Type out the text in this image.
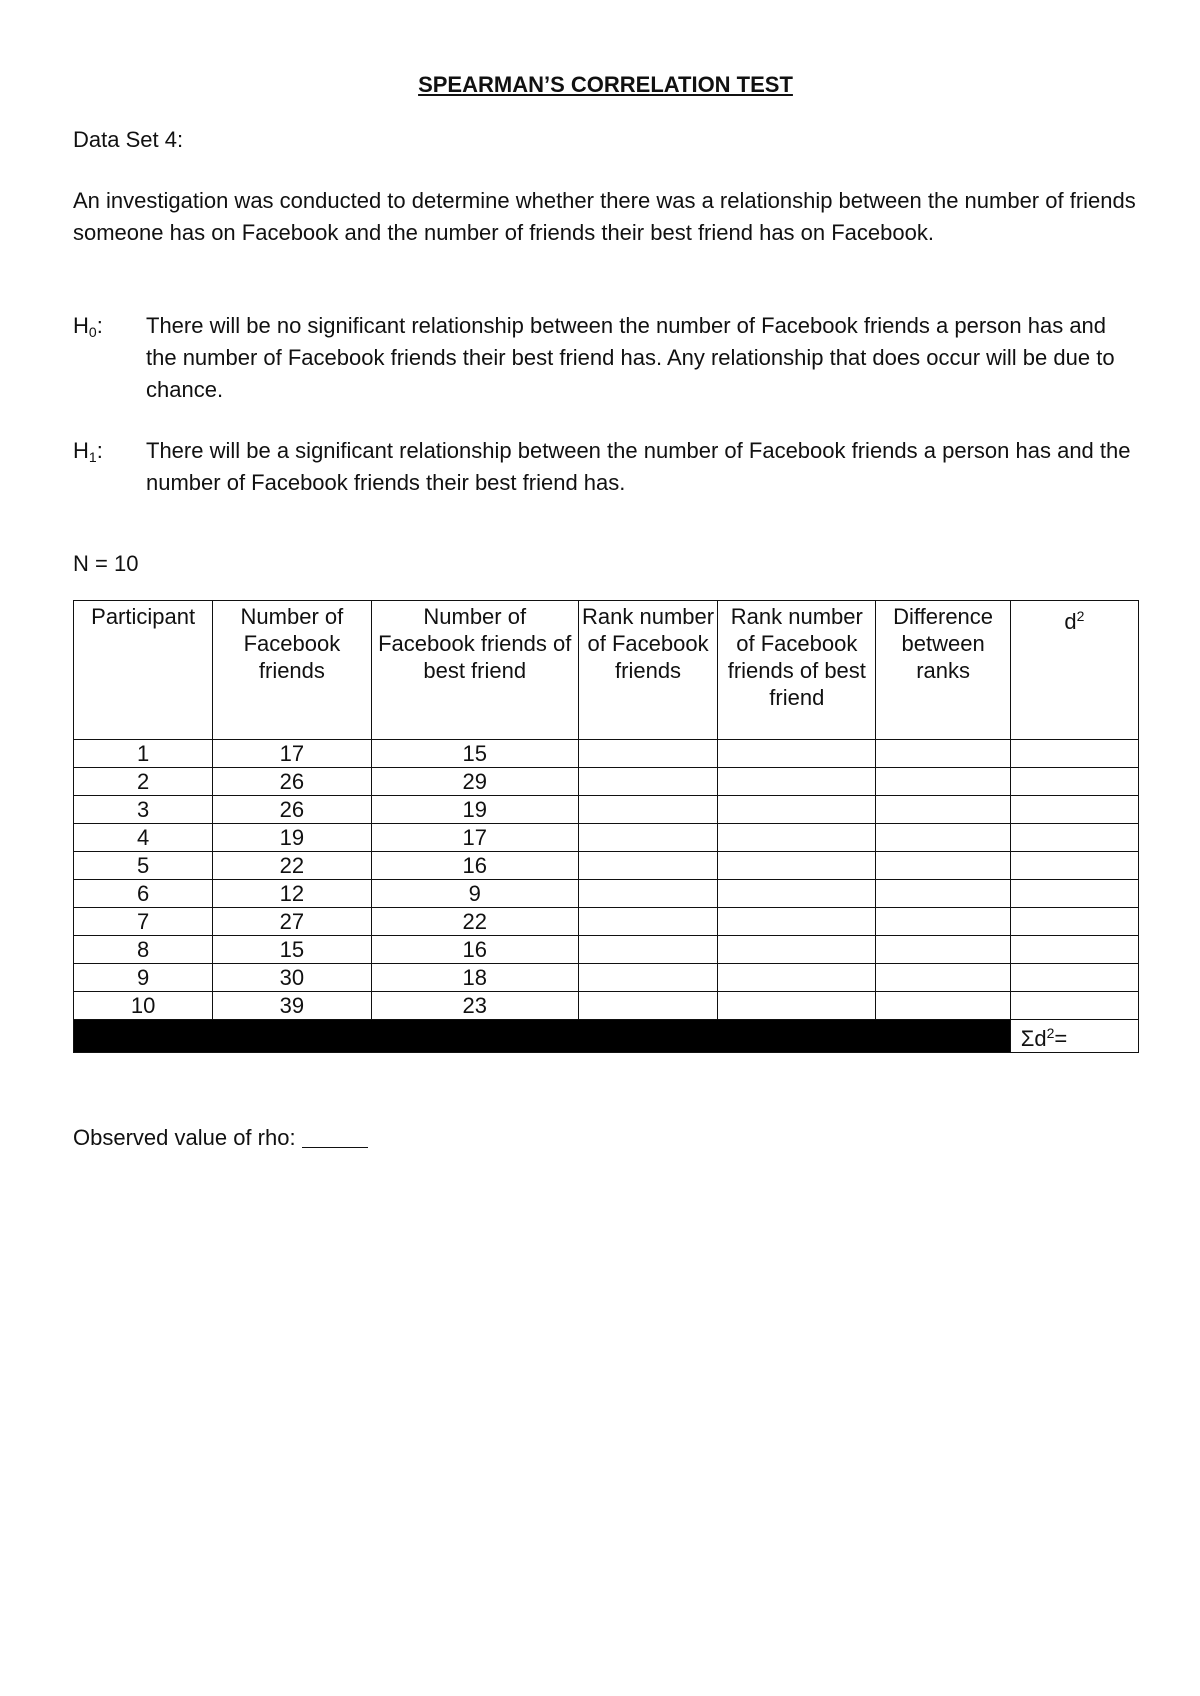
SPEARMAN’S CORRELATION TEST
Data Set 4:
An investigation was conducted to determine whether there was a relationship between the number of friends someone has on Facebook and the number of friends their best friend has on Facebook.
$H_0$: There will be no significant relationship between the number of Facebook friends a person has and the number of Facebook friends their best friend has. Any relationship that does occur will be due to chance.
$H_1$: There will be a significant relationship between the number of Facebook friends a person has and the number of Facebook friends their best friend has.
N = 10
Participant	Number of Facebook friends	Number of Facebook friends of best friend	Rank number of Facebook friends	Rank number of Facebook friends of best friend	Difference between ranks	$d^2$
1	17	15				
2	26	29				
3	26	19				
4	19	17				
5	22	16				
6	12	9				
7	27	22				
8	15	16				
9	30	18				
10	39	23				
						$\Sigma d^2=$
Observed value of rho:
